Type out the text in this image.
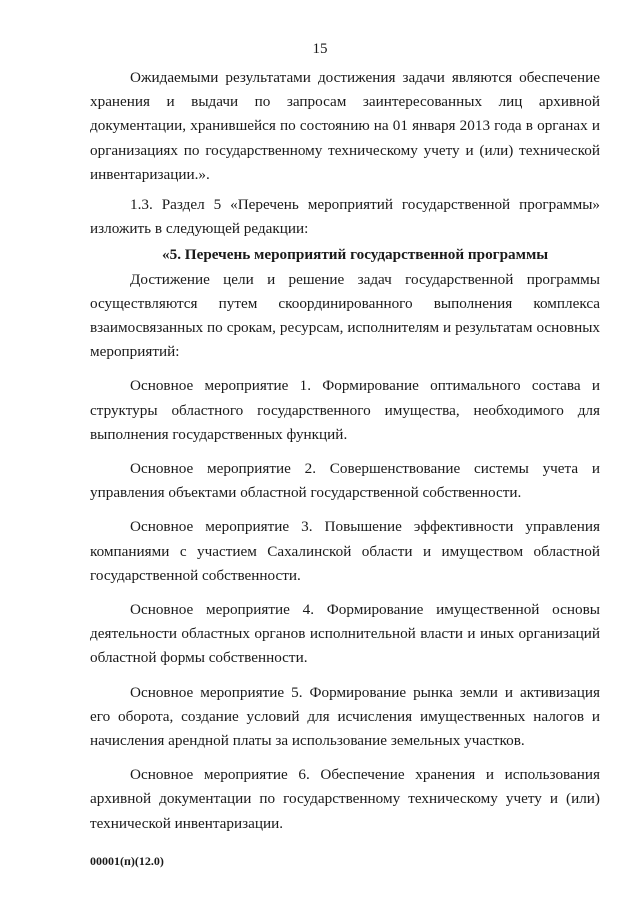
15

Ожидаемыми результатами достижения задачи являются обеспечение хранения и выдачи по запросам заинтересованных лиц архивной документации, хранившейся по состоянию на 01 января 2013 года в органах и организациях по государственному техническому учету и (или) технической инвентаризации.».

1.3. Раздел 5 «Перечень мероприятий государственной программы» изложить в следующей редакции:

«5. Перечень мероприятий государственной программы

Достижение цели и решение задач государственной программы осуществляются путем скоординированного выполнения комплекса взаимосвязанных по срокам, ресурсам, исполнителям и результатам основных мероприятий:

Основное мероприятие 1. Формирование оптимального состава и структуры областного государственного имущества, необходимого для выполнения государственных функций.

Основное мероприятие 2. Совершенствование системы учета и управления объектами областной государственной собственности.

Основное мероприятие 3. Повышение эффективности управления компаниями с участием Сахалинской области и имуществом областной государственной собственности.

Основное мероприятие 4. Формирование имущественной основы деятельности областных органов исполнительной власти и иных организаций областной формы собственности.

Основное мероприятие 5. Формирование рынка земли и активизация его оборота, создание условий для исчисления имущественных налогов и начисления арендной платы за использование земельных участков.

Основное мероприятие 6. Обеспечение хранения и использования архивной документации по государственному техническому учету и (или) технической инвентаризации.

00001(п)(12.0)
